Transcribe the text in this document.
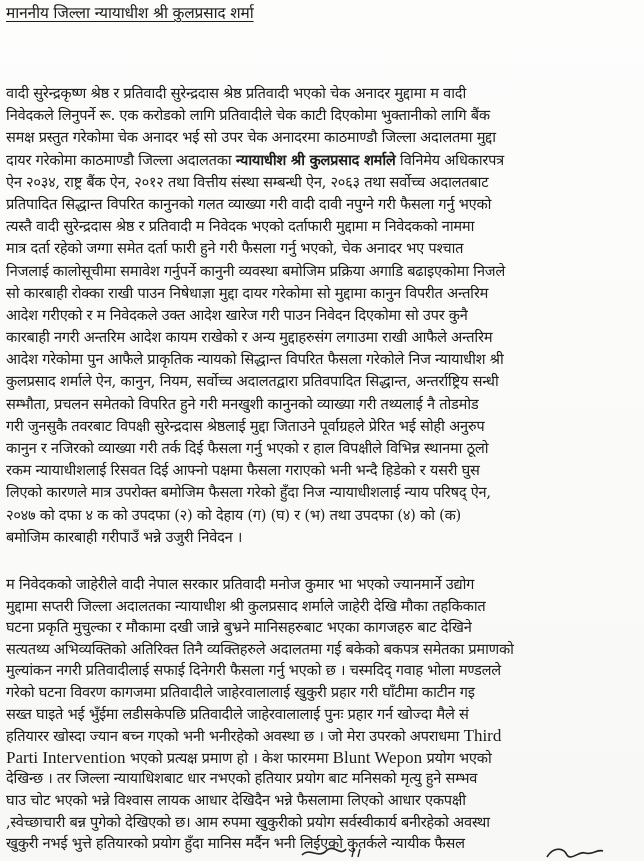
माननीय जिल्ला न्यायाधीश श्री कुलप्रसाद शर्मा
वादी सुरेन्द्रकृष्ण श्रेष्ठ र प्रतिवादी सुरेन्द्रदास श्रेष्ठ प्रतिवादी भएको चेक अनादर मुद्दामा म वादी
निवेदकले लिनुपर्ने रू. एक करोडको लागि प्रतिवादीले चेक काटी दिएकोमा भुक्तानीको लागि बैंक
समक्ष प्रस्तुत गरेकोमा चेक अनादर भई सो उपर चेक अनादरमा काठमाण्डौ जिल्ला अदालतमा मुद्दा
दायर गरेकोमा काठमाण्डौ जिल्ला अदालतका न्यायाधीश श्री कुलप्रसाद शर्माले विनिमेय अधिकारपत्र
ऐन २०३४, राष्ट्र बैंक ऐन, २०१२ तथा वित्तीय संस्था सम्बन्धी ऐन, २०६३ तथा सर्वोच्च अदालतबाट
प्रतिपादित सिद्धान्त विपरित कानुनको गलत व्याख्या गरी वादी दावी नपुग्ने गरी फैसला गर्नु भएको
त्यस्तै वादी सुरेन्द्रदास श्रेष्ठ र प्रतिवादी म निवेदक भएको दर्ताफारी मुद्दामा म निवेदकको नाममा
मात्र दर्ता रहेको जग्गा समेत दर्ता फारी हुने गरी फैसला गर्नु भएको, चेक अनादर भए पश्चात
निजलाई कालोसूचीमा समावेश गर्नुपर्ने कानुनी व्यवस्था बमोजिम प्रक्रिया अगाडि बढाइएकोमा निजले
सो कारबाही रोक्का राखी पाउन निषेधाज्ञा मुद्दा दायर गरेकोमा सो मुद्दामा कानुन विपरीत अन्तरिम
आदेश गरीएको र म निवेदकले उक्त आदेश खारेज गरी पाउन निवेदन दिएकोमा सो उपर कुनै
कारबाही नगरी अन्तरिम आदेश कायम राखेको र अन्य मुद्दाहरुसंग लगाउमा राखी आफैले अन्तरिम
आदेश गरेकोमा पुन आफैले प्राकृतिक न्यायको सिद्धान्त विपरित फैसला गरेकोले निज न्यायाधीश श्री
कुलप्रसाद शर्माले ऐन, कानुन, नियम, सर्वोच्च अदालतद्वारा प्रतिवपादित सिद्धान्त, अन्तर्राष्ट्रिय सन्धी
सम्भौता, प्रचलन समेतको विपरित हुने गरी मनखुशी कानुनको व्याख्या गरी तथ्यलाई नै तोडमोड
गरी जुनसुकै तवरबाट विपक्षी सुरेन्द्रदास श्रेष्ठलाई मुद्दा जिताउने पूर्वाग्रहले प्रेरित भई सोही अनुरुप
कानुन र नजिरको व्याख्या गरी तर्क दिई फैसला गर्नु भएको र हाल विपक्षीले विभिन्न स्थानमा ठूलो
रकम न्यायाधीशलाई रिसवत दिई आफ्नो पक्षमा फैसला गराएको भनी भन्दै हिडेको र यसरी घुस
लिएको कारणले मात्र उपरोक्त बमोजिम फैसला गरेको हुँदा निज न्यायाधीशलाई न्याय परिषद् ऐन,
२०४७ को दफा ४ क को उपदफा (२) को देहाय (ग) (घ) र (भ) तथा उपदफा (४) को (क)
बमोजिम कारबाही गरीपाउँ भन्ने उजुरी निवेदन ।
म निवेदकको जाहेरीले वादी नेपाल सरकार प्रतिवादी मनोज कुमार भा भएको ज्यानमार्ने उद्योग
मुद्दामा सप्तरी जिल्ला अदालतका न्यायाधीश श्री कुलप्रसाद शर्माले जाहेरी देखि मौका तहकिकात
घटना प्रकृति मुचुल्का र मौकामा दखी जान्ने बुभ्रने मानिसहरुबाट भएका कागजहरु बाट देखिने
सत्यतथ्य अभिव्यक्तिको अतिरिक्त तिनै व्यक्तिहरुले अदालतमा गई बकेको बकपत्र समेतका प्रमाणको
मुल्यांकन नगरी प्रतिवादीलाई सफाई दिनेगरी फैसला गर्नु भएको छ । चस्मदिद् गवाह भोला मण्डलले
गरेको घटना विवरण कागजमा प्रतिवादीले जाहेरवालालाई खुकुरी प्रहार गरी घाँटीमा काटीन गइ
सख्त घाइते भई भुँईमा लडीसकेपछि प्रतिवादीले जाहेरवालालाई पुनः प्रहार गर्न खोज्दा मैले सं
हतियारर खोस्दा ज्यान बच्न गएको भनी भनीरहेको अवस्था छ । जो मेरा उपरको अपराधमा Third
Parti Intervention भएको प्रत्यक्ष प्रमाण हो । केश फारममा Blunt Wepon प्रयोग भएको
देखिन्छ । तर जिल्ला न्यायाधिशबाट धार नभएको हतियार प्रयोग बाट मनिसको मृत्यु हुने सम्भव
घाउ चोट भएको भन्ने विश्वास लायक आधार देखिदैन भन्ने फैसलामा लिएको आधार एकपक्षी
,स्वेच्छाचारी बन्न पुगेको देखिएको छ। आम रुपमा खुकुरीको प्रयोग सर्वस्वीकार्य बनीरहेको अवस्था
खुकुरी नभई भुत्ते हतियारको प्रयोग हुँदा मानिस मर्दैन भनी लिईएको कुतर्कले न्यायीक फैसल
